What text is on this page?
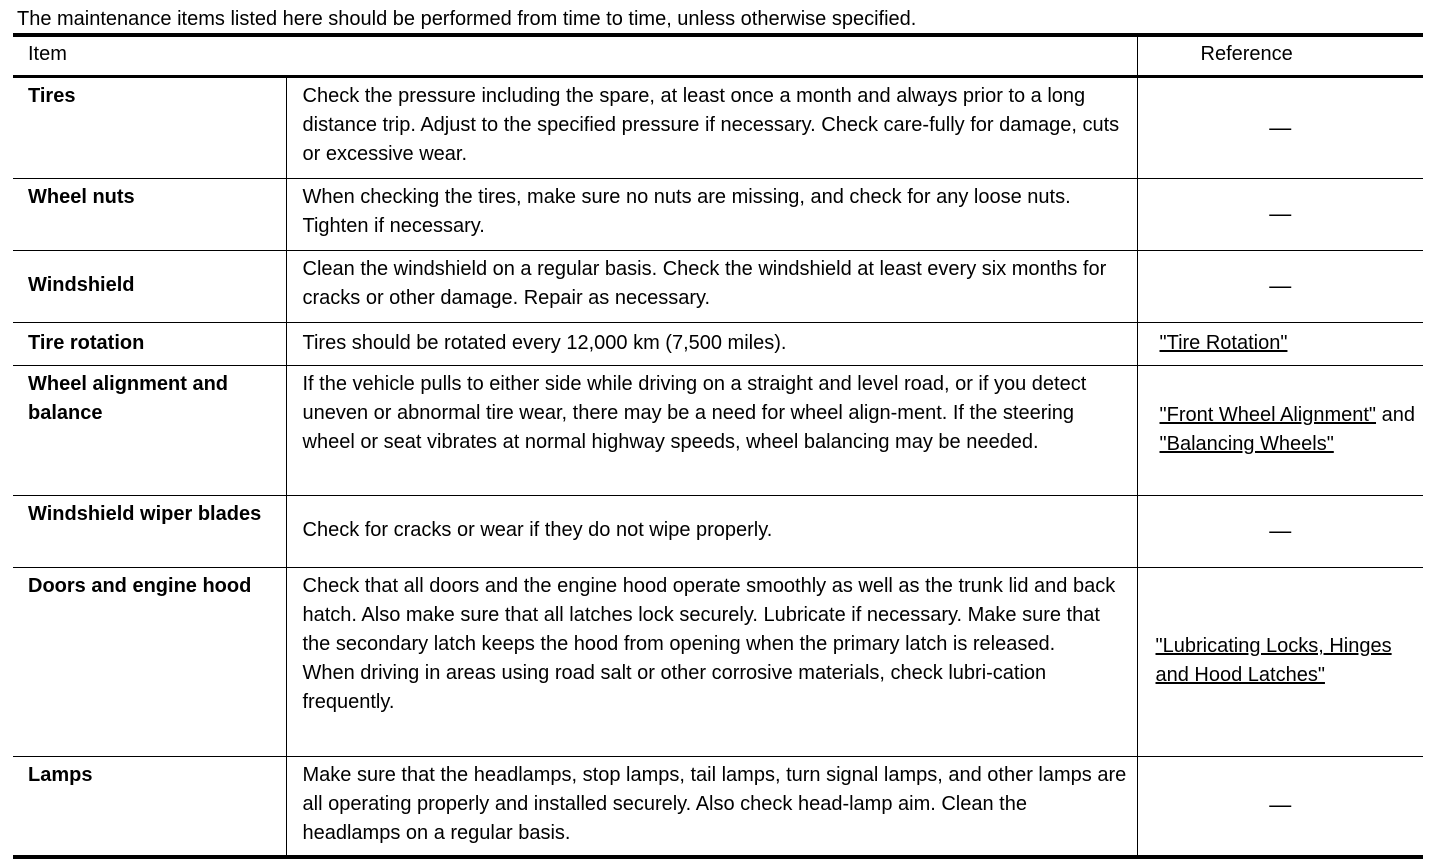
The maintenance items listed here should be performed from time to time, unless otherwise specified.
Item		Reference
Tires	Check the pressure including the spare, at least once a month and always prior to a long distance trip. Adjust to the specified pressure if necessary. Check care-fully for damage, cuts or excessive wear.	—
Wheel nuts	When checking the tires, make sure no nuts are missing, and check for any loose nuts. Tighten if necessary.	—
Windshield	Clean the windshield on a regular basis. Check the windshield at least every six months for cracks or other damage. Repair as necessary.	—
Tire rotation	Tires should be rotated every 12,000 km (7,500 miles).	"Tire Rotation"
Wheel alignment and balance	If the vehicle pulls to either side while driving on a straight and level road, or if you detect uneven or abnormal tire wear, there may be a need for wheel align-ment. If the steering wheel or seat vibrates at normal highway speeds, wheel balancing may be needed.	"Front Wheel Alignment" and "Balancing Wheels"

Windshield wiper blades	Check for cracks or wear if they do not wipe properly.	—
Doors and engine hood	Check that all doors and the engine hood operate smoothly as well as the trunk lid and back hatch. Also make sure that all latches lock securely. Lubricate if necessary. Make sure that the secondary latch keeps the hood from opening when the primary latch is released.
When driving in areas using road salt or other corrosive materials, check lubri-cation frequently.	"Lubricating Locks, Hinges and Hood Latches"
Lamps	Make sure that the headlamps, stop lamps, tail lamps, turn signal lamps, and other lamps are all operating properly and installed securely. Also check head-lamp aim. Clean the headlamps on a regular basis.	—
